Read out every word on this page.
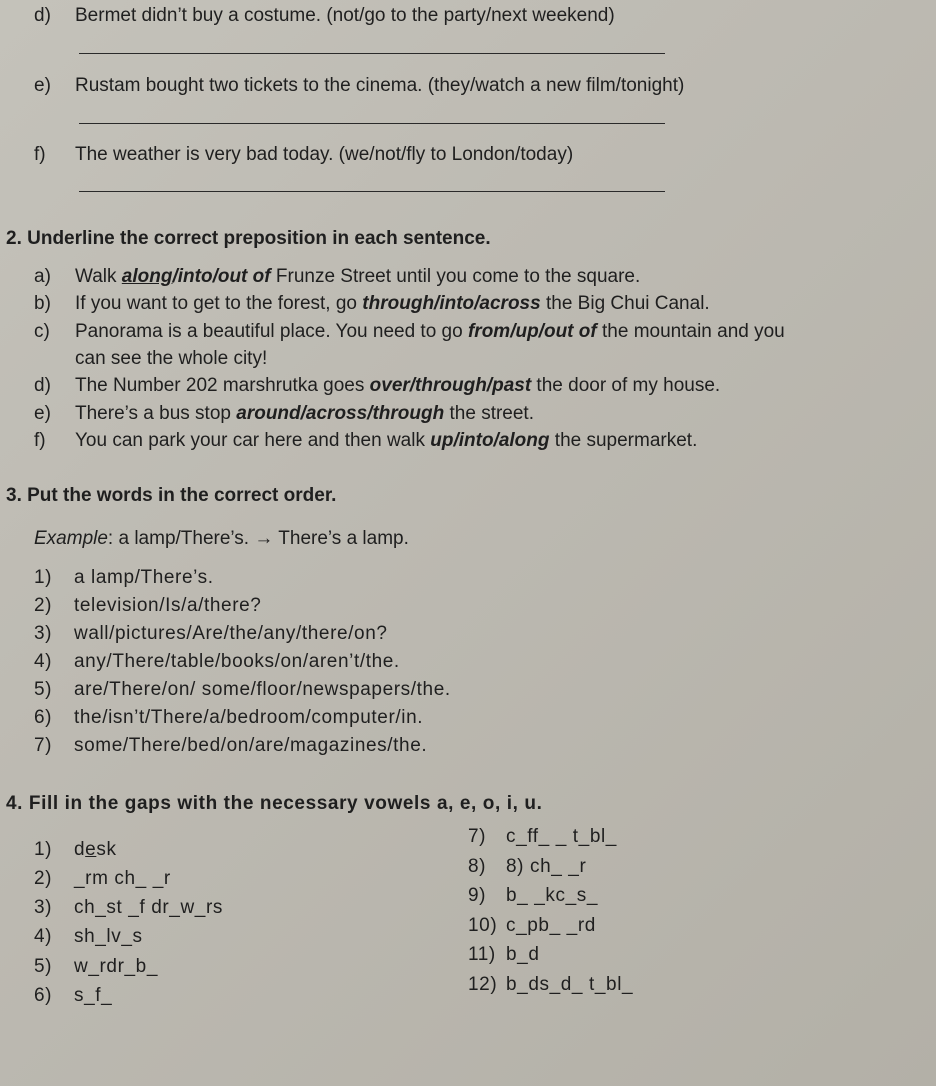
d) Bermet didn’t buy a costume. (not/go to the party/next weekend)
e) Rustam bought two tickets to the cinema. (they/watch a new film/tonight)
f) The weather is very bad today. (we/not/fly to London/today)
2. Underline the correct preposition in each sentence.
a) Walk along/into/out of Frunze Street until you come to the square.
b) If you want to get to the forest, go through/into/across the Big Chui Canal.
c) Panorama is a beautiful place. You need to go from/up/out of the mountain and you
can see the whole city!
d) The Number 202 marshrutka goes over/through/past the door of my house.
e) There’s a bus stop around/across/through the street.
f) You can park your car here and then walk up/into/along the supermarket.
3. Put the words in the correct order.
Example: a lamp/There’s. → There’s a lamp.
1) a lamp/There’s.
2) television/Is/a/there?
3) wall/pictures/Are/the/any/there/on?
4) any/There/table/books/on/aren’t/the.
5) are/There/on/ some/floor/newspapers/the.
6) the/isn’t/There/a/bedroom/computer/in.
7) some/There/bed/on/are/magazines/the.
4. Fill in the gaps with the necessary vowels a, e, o, i, u.
1) desk
2) _rm ch_ _r
3) ch_st _f dr_w_rs
4) sh_lv_s
5) w_rdr_b_
6) s_f_
7) c_ff_ _ t_bl_
8) 8) ch_ _r
9) b_ _kc_s_
10) c_pb_ _rd
11) b_d
12) b_ds_d_ t_bl_
